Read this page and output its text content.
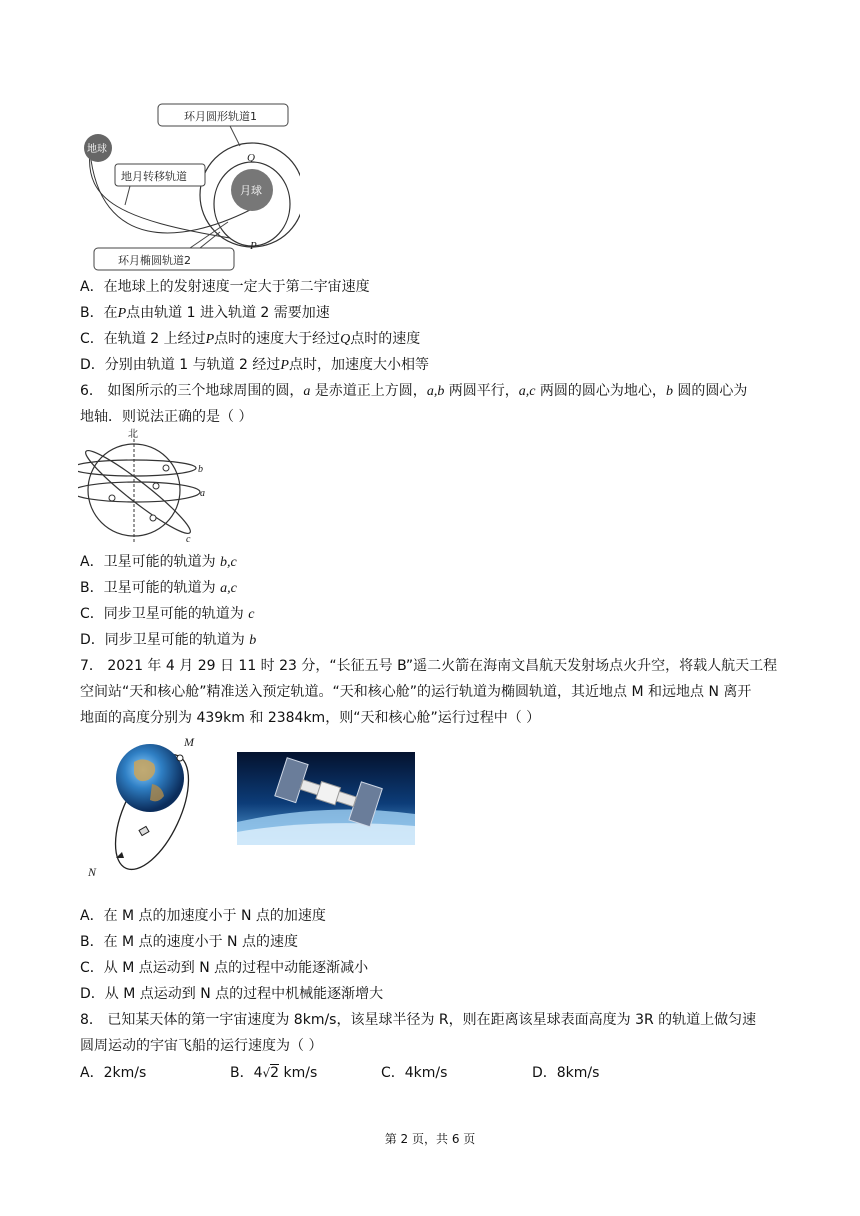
环月圆形轨道1
地月转移轨道
环月椭圆轨道2
地球
月球
Q
P
A．在地球上的发射速度一定大于第二宇宙速度
B．在P点由轨道 1 进入轨道 2 需要加速
C．在轨道 2 上经过P点时的速度大于经过Q点时的速度
D．分别由轨道 1 与轨道 2 经过P点时，加速度大小相等
6． 如图所示的三个地球周围的圆，a 是赤道正上方圆，a,b 两圆平行，a,c 两圆的圆心为地心，b 圆的圆心为
地轴．则说法正确的是（ ）
北
b
a
c
A．卫星可能的轨道为 b,c
B．卫星可能的轨道为 a,c
C．同步卫星可能的轨道为 c
D．同步卫星可能的轨道为 b
7． 2021 年 4 月 29 日 11 时 23 分，“长征五号 B”遥二火箭在海南文昌航天发射场点火升空，将载人航天工程
空间站“天和核心舱”精准送入预定轨道。“天和核心舱”的运行轨道为椭圆轨道，其近地点 M 和远地点 N 离开
地面的高度分别为 439km 和 2384km，则“天和核心舱”运行过程中（ ）
M
N
A．在 M 点的加速度小于 N 点的加速度
B．在 M 点的速度小于 N 点的速度
C．从 M 点运动到 N 点的过程中动能逐渐减小
D．从 M 点运动到 N 点的过程中机械能逐渐增大
8． 已知某天体的第一宇宙速度为 8km/s，该星球半径为 R，则在距离该星球表面高度为 3R 的轨道上做匀速
圆周运动的宇宙飞船的运行速度为（ ）
A．2km/s	B．4√2 km/s	C．4km/s	D．8km/s
第 2 页，共 6 页
